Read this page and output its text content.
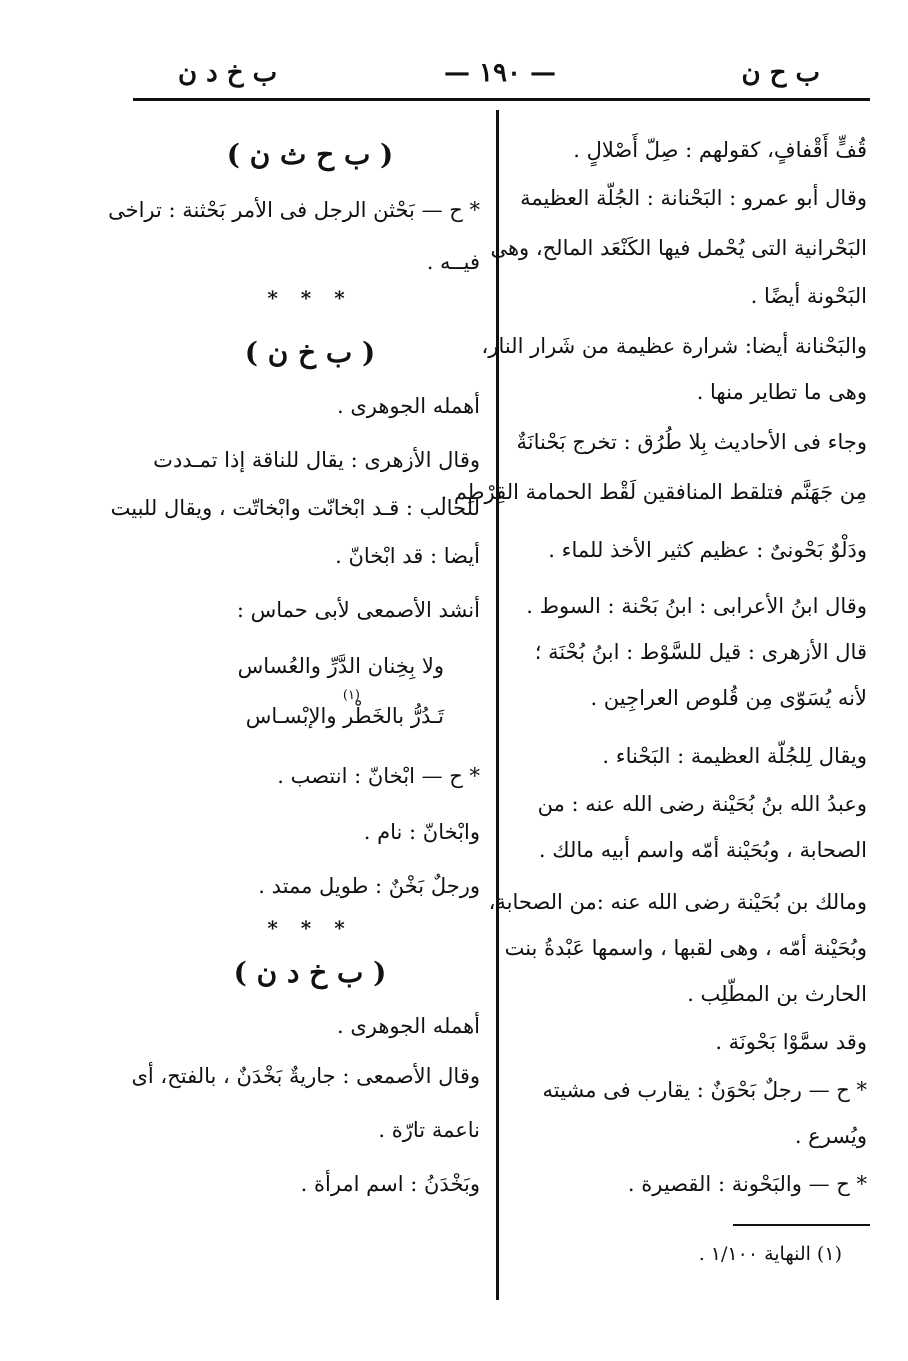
ب ح ن
— ١٩٠ —
ب خ د ن
قُفٍّ أَقْفافٍ، كقولهم : صِلّ أَصْلالٍ .
وقال أبو عمرو : البَحْنانة : الجُلّة العظيمة
البَحْرانية التى يُحْمل فيها الكَنْعَد المالح، وهى
البَحْونة أيضًا .
والبَحْنانة أيضا: شرارة عظيمة من شَرار النار،
وهى ما تطاير منها .
وجاء فى الأحاديث بِلا طُرُق : تخرج بَحْنانَةٌ
مِن جَهَنَّم فتلقط المنافقين لَقْط الحمامة القِرْطِم .
ودَلْوٌ بَحْونىٌ : عظيم كثير الأخذ للماء .
وقال ابنُ الأعرابى : ابنُ بَحْنة : السوط .
قال الأزهرى : قيل للسَّوْط : ابنُ بُحْنَة ؛
لأنه يُسَوّى مِن قُلوص العراجِين .
ويقال لِلجُلّة العظيمة : البَحْناء .
وعبدُ الله بنُ بُحَيْنة رضى الله عنه : من
الصحابة ، وبُحَيْنة أمّه واسم أبيه مالك .
ومالك بن بُحَيْنة رضى الله عنه :من الصحابة،
وبُحَيْنة أمّه ، وهى لقبها ، واسمها عَبْدةُ بنت
الحارث بن المطّلِب .
وقد سمَّوْا بَحْونَة .
* ح — رجلٌ بَحْوَنٌ : يقارب فى مشيته
ويُسرع .
* ح — والبَحْونة : القصيرة .
( ب ح ث ن )
* ح — بَحْثن الرجل فى الأمر بَحْثنة : تراخى
فيــه .
* * *
( ب خ ن )
أهمله الجوهرى .
وقال الأزهرى : يقال للناقة إذا تمـددت
للحالب : قـد ابْخانّت وابْخاتّت ، ويقال للبيت
أيضا : قد ابْخانّ .
أنشد الأصمعى لأبى حماس :
ولا بِخِنان الدَّرِّ والعُساس
(١)
تَـدُرُّ بالخَطْر والإبْسـاس
* ح — ابْخانّ : انتصب .
وابْخانّ : نام .
ورجلٌ بَخْنٌ : طويل ممتد .
* * *
( ب خ د ن )
أهمله الجوهرى .
وقال الأصمعى : جاريةٌ بَخْدَنٌ ، بالفتح، أى
ناعمة تارّة .
وبَخْدَنُ : اسم امرأة .
(١) النهاية ١/١٠٠ .
